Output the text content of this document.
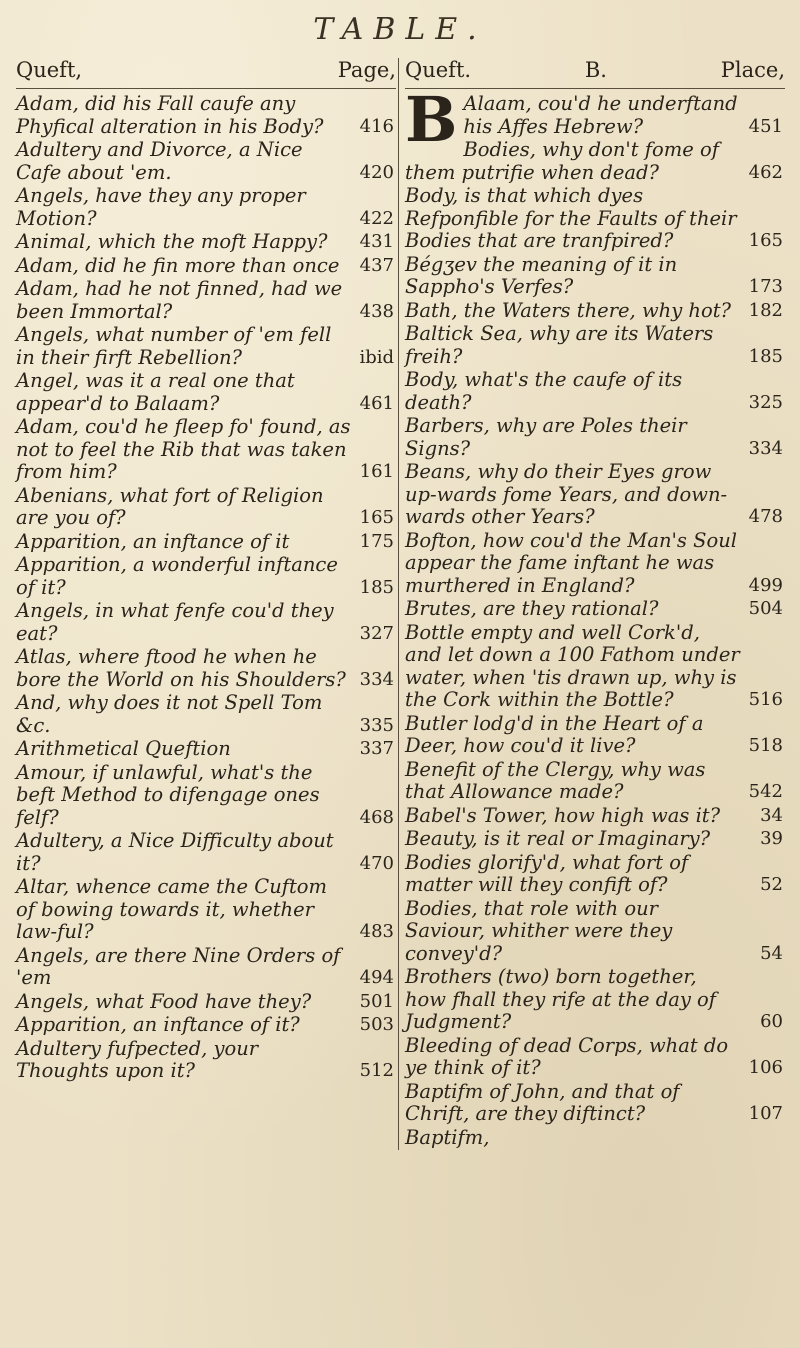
TABLE.
Queft,	Page,
Adam, did his Fall caufe any Phyfical alteration in his Body?	416
Adultery and Divorce, a Nice Cafe about 'em.	420
Angels, have they any proper Motion?	422
Animal, which the moft Happy?	431
Adam, did he fin more than once	437
Adam, had he not finned, had we been Immortal?	438
Angels, what number of 'em fell in their firft Rebellion?	ibid
Angel, was it a real one that appear'd to Balaam?	461
Adam, cou'd he fleep fo' found, as not to feel the Rib that was taken from him?	161
Abenians, what fort of Religion are you of?	165
Apparition, an inftance of it	175
Apparition, a wonderful inftance of it?	185
Angels, in what fenfe cou'd they eat?	327
Atlas, where ftood he when he bore the World on his Shoulders? 334
And, why does it not Spell Tom &c.	335
Arithmetical Queftion	337
Amour, if unlawful, what's the beft Method to difengage ones felf?	468
Adultery, a Nice Difficulty about it?	470
Altar, whence came the Cuftom of bowing towards it, whether law-ful?	483
Angels, are there Nine Orders of 'em	494
Angels, what Food have they?	501
Apparition, an inftance of it?	503
Adultery fufpected, your Thoughts upon it?	512
Queft.	B.	Place,
B Alaam, cou'd he underftand his Affes Hebrew?	451
Bodies, why don't fome of them putrifie when dead?	462
Body, is that which dyes Refponfible for the Faults of their Bodies that are tranfpired?	165
Bégʒev the meaning of it in Sappho's Verfes?	173
Bath, the Waters there, why hot? 182
Baltick Sea, why are its Waters freih?	185
Body, what's the caufe of its death?	325
Barbers, why are Poles their Signs?	334
Beans, why do their Eyes grow up-wards fome Years, and down-wards other Years?	478
Bofton, how cou'd the Man's Soul appear the fame inftant he was murthered in England?	499
Brutes, are they rational?	504
Bottle empty and well Cork'd, and let down a 100 Fathom under water, when 'tis drawn up, why is the Cork within the Bottle?	516
Butler lodg'd in the Heart of a Deer, how cou'd it live?	518
Benefit of the Clergy, why was that Allowance made?	542
Babel's Tower, how high was it?	34
Beauty, is it real or Imaginary?	39
Bodies glorify'd, what fort of matter will they confift of?	52
Bodies, that role with our Saviour, whither were they convey'd?	54
Brothers (two) born together, how fhall they rife at the day of Judgment?	60
Bleeding of dead Corps, what do ye think of it?	106
Baptifm of John, and that of Chrift, are they diftinct?	107
Baptifm,
